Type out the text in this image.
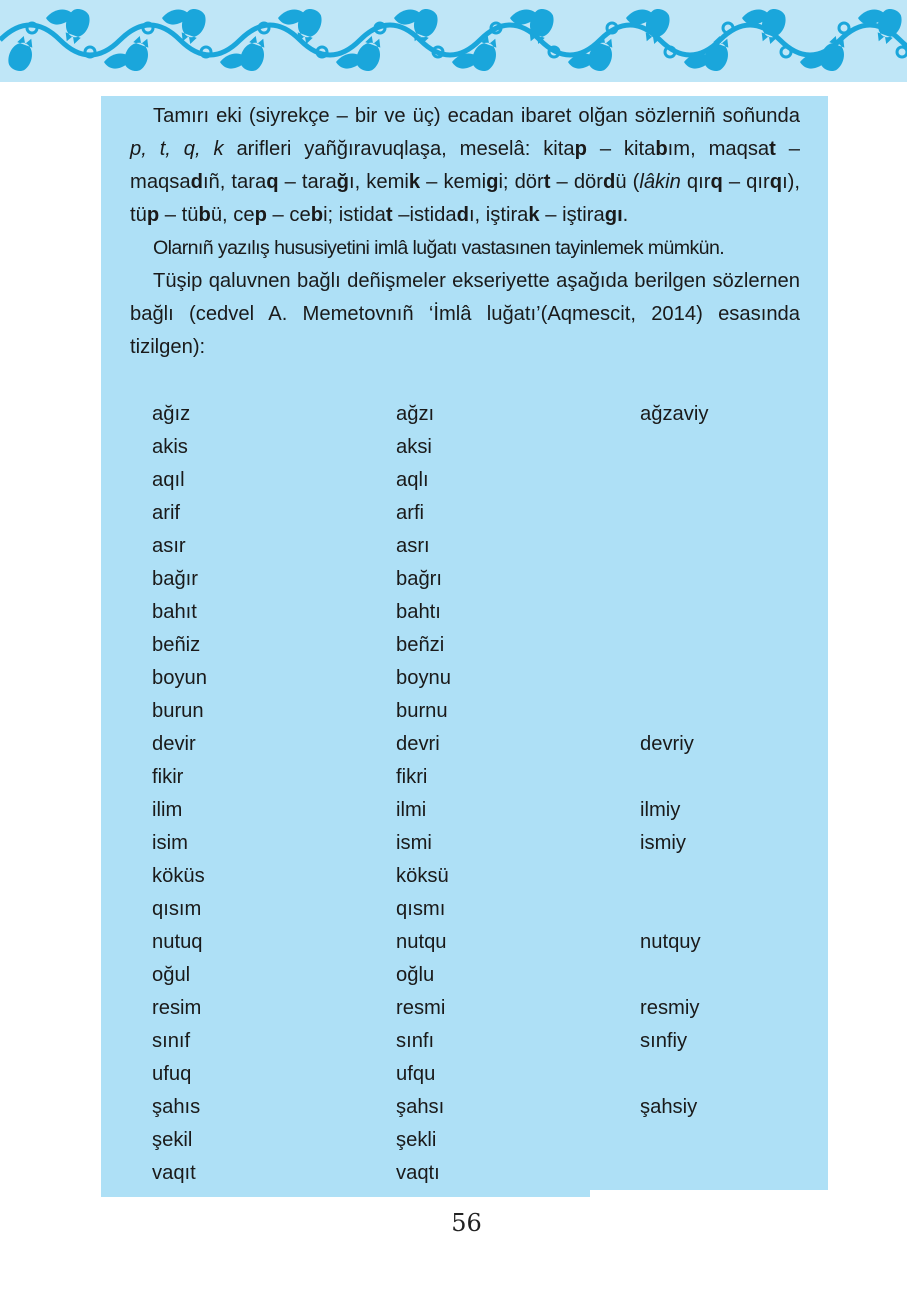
Tamırı eki (siyrekçe – bir ve üç) ecadan ibaret olğan sözlerniñ soñunda p, t, q, k arifleri yañğıravuqlaşa, meselâ: kitap – kitabım, maqsat – maqsadıñ, taraq – tarağı, kemik – kemigi; dört – dördü (lâkin qırq – qırqı), tüp – tübü, cep – cebi; istidat –istidadı, iştirak – iştiragı.

Olarnıñ yazılış hususiyetini imlâ luğatı vastasınen tayinlemek mümkün.

Tüşip qaluvnen bağlı deñişmeler ekseriyette aşağıda berilgen sözlernen bağlı (cedvel A. Memetovnıñ ‘İmlâ luğatı’(Aqmescit, 2014) esasında tizilgen):

ağız	ağzı	ağzaviy
akis	aksi
aqıl	aqlı
arif	arfi
asır	asrı
bağır	bağrı
bahıt	bahtı
beñiz	beñzi
boyun	boynu
burun	burnu
devir	devri	devriy
fikir	fikri
ilim	ilmi	ilmiy
isim	ismi	ismiy
köküs	köksü
qısım	qısmı
nutuq	nutqu	nutquy
oğul	oğlu
resim	resmi	resmiy
sınıf	sınfı	sınfiy
ufuq	ufqu
şahıs	şahsı	şahsiy
şekil	şekli
vaqıt	vaqtı
56
